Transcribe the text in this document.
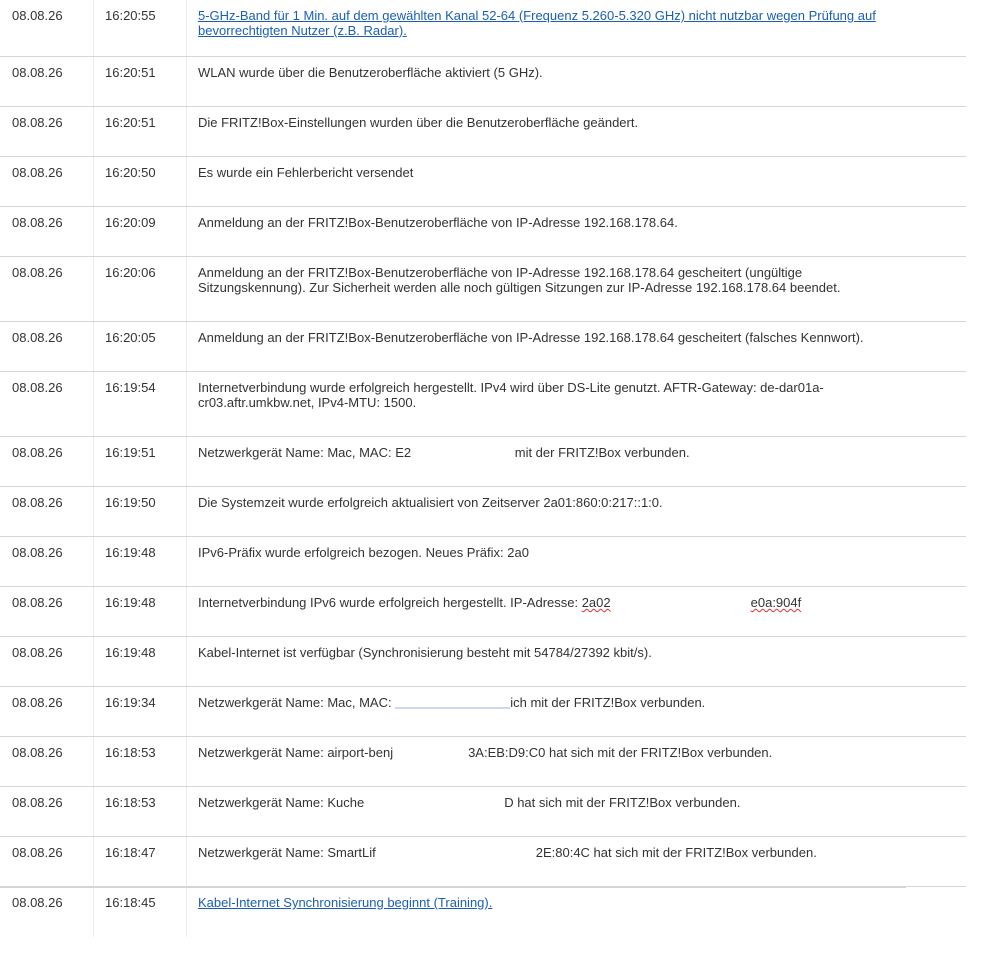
08.08.26	16:20:55	5-GHz-Band für 1 Min. auf dem gewählten Kanal 52-64 (Frequenz 5.260-5.320 GHz) nicht nutzbar wegen Prüfung auf bevorrechtigten Nutzer (z.B. Radar).
08.08.26	16:20:51	WLAN wurde über die Benutzeroberfläche aktiviert (5 GHz).
08.08.26	16:20:51	Die FRITZ!Box-Einstellungen wurden über die Benutzeroberfläche geändert.
08.08.26	16:20:50	Es wurde ein Fehlerbericht versendet
08.08.26	16:20:09	Anmeldung an der FRITZ!Box-Benutzeroberfläche von IP-Adresse 192.168.178.64.
08.08.26	16:20:06	Anmeldung an der FRITZ!Box-Benutzeroberfläche von IP-Adresse 192.168.178.64 gescheitert (ungültige Sitzungskennung). Zur Sicherheit werden alle noch gültigen Sitzungen zur IP-Adresse 192.168.178.64 beendet.
08.08.26	16:20:05	Anmeldung an der FRITZ!Box-Benutzeroberfläche von IP-Adresse 192.168.178.64 gescheitert (falsches Kennwort).
08.08.26	16:19:54	Internetverbindung wurde erfolgreich hergestellt. IPv4 wird über DS-Lite genutzt. AFTR-Gateway: de-dar01a-cr03.aftr.umkbw.net, IPv4-MTU: 1500.
08.08.26	16:19:51	Netzwerkgerät Name: Mac, MAC: E2	mit der FRITZ!Box verbunden.
08.08.26	16:19:50	Die Systemzeit wurde erfolgreich aktualisiert von Zeitserver 2a01:860:0:217::1:0.
08.08.26	16:19:48	IPv6-Präfix wurde erfolgreich bezogen. Neues Präfix: 2a0
08.08.26	16:19:48	Internetverbindung IPv6 wurde erfolgreich hergestellt. IP-Adresse: 2a02	e0a:904f
08.08.26	16:19:48	Kabel-Internet ist verfügbar (Synchronisierung besteht mit 54784/27392 kbit/s).
08.08.26	16:19:34	Netzwerkgerät Name: Mac, MAC:	ich mit der FRITZ!Box verbunden.
08.08.26	16:18:53	Netzwerkgerät Name: airport-benj	3A:EB:D9:C0 hat sich mit der FRITZ!Box verbunden.
08.08.26	16:18:53	Netzwerkgerät Name: Kuche	D hat sich mit der FRITZ!Box verbunden.
08.08.26	16:18:47	Netzwerkgerät Name: SmartLif	2E:80:4C hat sich mit der FRITZ!Box verbunden.
08.08.26	16:18:45	Kabel-Internet Synchronisierung beginnt (Training).
